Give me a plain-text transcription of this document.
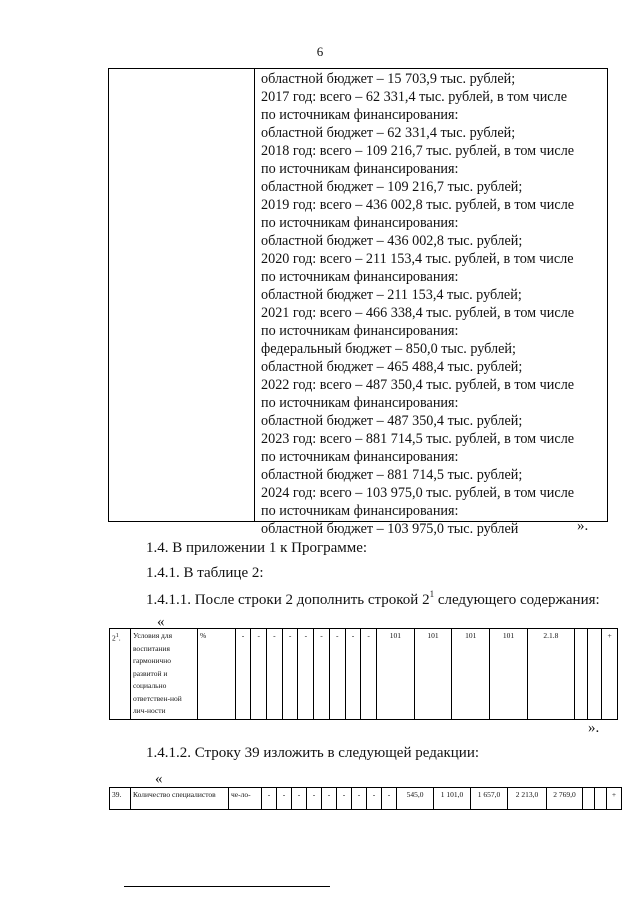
6
областной бюджет – 15 703,9 тыс. рублей;
2017 год: всего – 62 331,4 тыс. рублей, в том числе
по источникам финансирования:
областной бюджет – 62 331,4 тыс. рублей;
2018 год: всего – 109 216,7 тыс. рублей, в том числе
по источникам финансирования:
областной бюджет – 109 216,7 тыс. рублей;
2019 год: всего – 436 002,8 тыс. рублей, в том числе
по источникам финансирования:
областной бюджет – 436 002,8 тыс. рублей;
2020 год: всего – 211 153,4 тыс. рублей, в том числе
по источникам финансирования:
областной бюджет – 211 153,4 тыс. рублей;
2021 год: всего – 466 338,4 тыс. рублей, в том числе
по источникам финансирования:
федеральный бюджет – 850,0 тыс. рублей;
областной бюджет – 465 488,4 тыс. рублей;
2022 год: всего – 487 350,4 тыс. рублей, в том числе
по источникам финансирования:
областной бюджет – 487 350,4 тыс. рублей;
2023 год: всего – 881 714,5 тыс. рублей, в том числе
по источникам финансирования:
областной бюджет – 881 714,5 тыс. рублей;
2024 год: всего – 103 975,0 тыс. рублей, в том числе
по источникам финансирования:
областной бюджет – 103 975,0 тыс. рублей	».
1.4. В приложении 1 к Программе:
1.4.1. В таблице 2:
1.4.1.1. После строки 2 дополнить строкой $2^1$ следующего содержания:
«
$2^1$.	Условия для воспитания гармонично развитой и социально ответствен-ной лич-ности	%	-	-	-	-	-	-	-	-	-	101	101	101	101	2.1.8			+
».
1.4.1.2. Строку 39 изложить в следующей редакции:
«
39.	Количество специалистов	че-ло-	-	-	-	-	-	-	-	-	-	545,0	1 101,0	1 657,0	2 213,0	2 769,0			+
